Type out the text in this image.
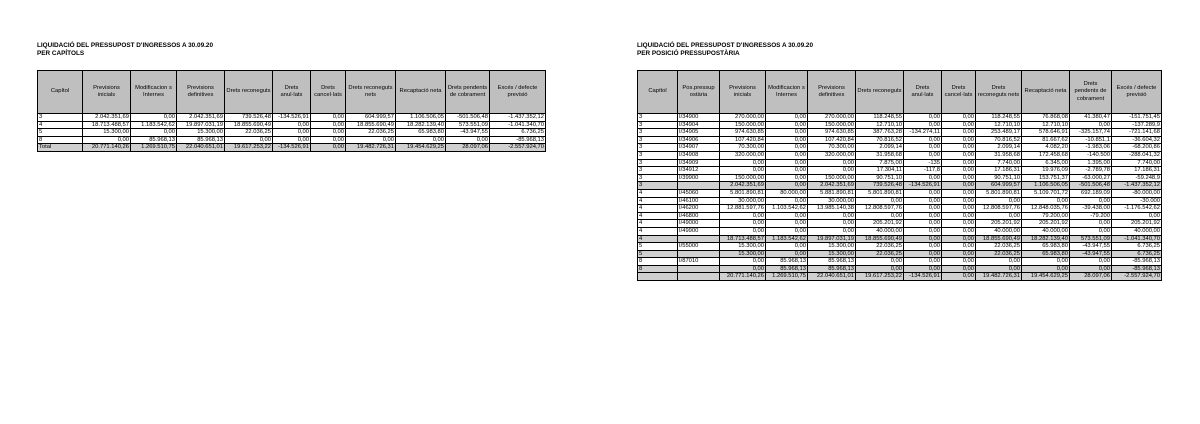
LIQUIDACIÓ DEL PRESSUPOST D'INGRESSOS A 30.09.20
PER CAPÍTOLS
Capítol	Previsions inicials	Modificacion s Internes	Previsions definitives	Drets reconeguts	Drets anul·lats	Drets cancel·lats	Drets reconeguts nets	Recaptació neta	Drets pendents de cobrament	Excés / defecte previsió
3	2.042.351,69	0,00	2.042.351,69	739.526,48	-134.526,91	0,00	604.999,57	1.106.506,05	-501.506,48	-1.437.352,12
4	18.713.488,57	1.183.542,62	19.897.031,19	18.855.690,49	0,00	0,00	18.855.690,49	18.282.139,40	573.551,09	-1.041.340,70
5	15.300,00	0,00	15.300,00	22.036,25	0,00	0,00	22.036,25	65.983,80	-43.947,55	6.736,25
8	0,00	85.968,13	85.968,13	0,00	0,00	0,00	0,00	0,00	0,00	-85.968,13
Total	20.771.140,26	1.269.510,75	22.040.651,01	19.617.253,22	-134.526,91	0,00	19.482.726,31	19.454.629,25	28.097,06	-2.557.924,70
LIQUIDACIÓ DEL PRESSUPOST D'INGRESSOS A 30.09.20
PER POSICIÓ PRESSUPOSTÀRIA
Capítol	Pos.pressup ostària	Previsions inicials	Modificacion s Internes	Previsions definitives	Drets reconeguts	Drets anul·lats	Drets cancel·lats	Drets reconeguts nets	Recaptació neta	Drets pendents de cobrament	Excés / defecte previsió
3	I/34900	270.000,00	0,00	270.000,00	118.248,55	0,00	0,00	118.248,55	76.868,08	41.380,47	-151.751,45
3	I/34904	150.000,00	0,00	150.000,00	12.710,10	0,00	0,00	12.710,10	12.710,10	0,00	-137.289,9
3	I/34905	974.630,85	0,00	974.630,85	387.763,28	-134.274,11	0,00	253.489,17	578.646,91	-325.157,74	-721.141,68
3	I/34906	107.420,84	0,00	107.420,84	70.816,52	0,00	0,00	70.816,52	81.667,62	-10.851,1	-36.604,32
3	I/34907	70.300,00	0,00	70.300,00	2.099,14	0,00	0,00	2.099,14	4.082,20	-1.983,06	-68.200,86
3	I/34908	320.000,00	0,00	320.000,00	31.958,68	0,00	0,00	31.958,68	172.458,68	-140.500	-288.041,32
3	I/34909	0,00	0,00	0,00	7.875,00	-135	0,00	7.740,00	6.345,00	1.395,00	7.740,00
3	I/34912	0,00	0,00	0,00	17.304,11	-117,8	0,00	17.186,31	19.976,09	-2.789,78	17.186,31
3	I/39900	150.000,00	0,00	150.000,00	90.751,10	0,00	0,00	90.751,10	153.751,37	-63.000,27	-59.248,9
3		2.042.351,69	0,00	2.042.351,69	739.526,48	-134.526,91	0,00	604.999,57	1.106.506,05	-501.506,48	-1.437.352,12
4	I/45060	5.801.890,81	80.000,00	5.881.890,81	5.801.890,81	0,00	0,00	5.801.890,81	5.109.701,72	692.189,09	-80.000,00
4	I/46100	30.000,00	0,00	30.000,00	0,00	0,00	0,00	0,00	0,00	0,00	-30.000
4	I/46200	12.881.597,76	1.103.542,62	13.985.140,38	12.808.597,76	0,00	0,00	12.808.597,76	12.848.035,76	-39.438,00	-1.176.542,62
4	I/46800	0,00	0,00	0,00	0,00	0,00	0,00	0,00	79.200,00	-79.200	0,00
4	I/49000	0,00	0,00	0,00	205.201,92	0,00	0,00	205.201,92	205.201,92	0,00	205.201,92
4	I/49900	0,00	0,00	0,00	40.000,00	0,00	0,00	40.000,00	40.000,00	0,00	40.000,00
4		18.713.488,57	1.183.542,62	19.897.031,19	18.855.690,49	0,00	0,00	18.855.690,49	18.282.139,40	573.551,09	-1.041.340,70
5	I/55000	15.300,00	0,00	15.300,00	22.036,25	0,00	0,00	22.036,25	65.983,80	-43.947,55	6.736,25
5		15.300,00	0,00	15.300,00	22.036,25	0,00	0,00	22.036,25	65.983,80	-43.947,55	6.736,25
8	I/87010	0,00	85.968,13	85.968,13	0,00	0,00	0,00	0,00	0,00	0,00	-85.968,13
8		0,00	85.968,13	85.968,13	0,00	0,00	0,00	0,00	0,00	0,00	-85.968,13
		20.771.140,26	1.269.510,75	22.040.651,01	19.617.253,22	-134.526,91	0,00	19.482.726,31	19.454.629,25	28.097,06	-2.557.924,70
